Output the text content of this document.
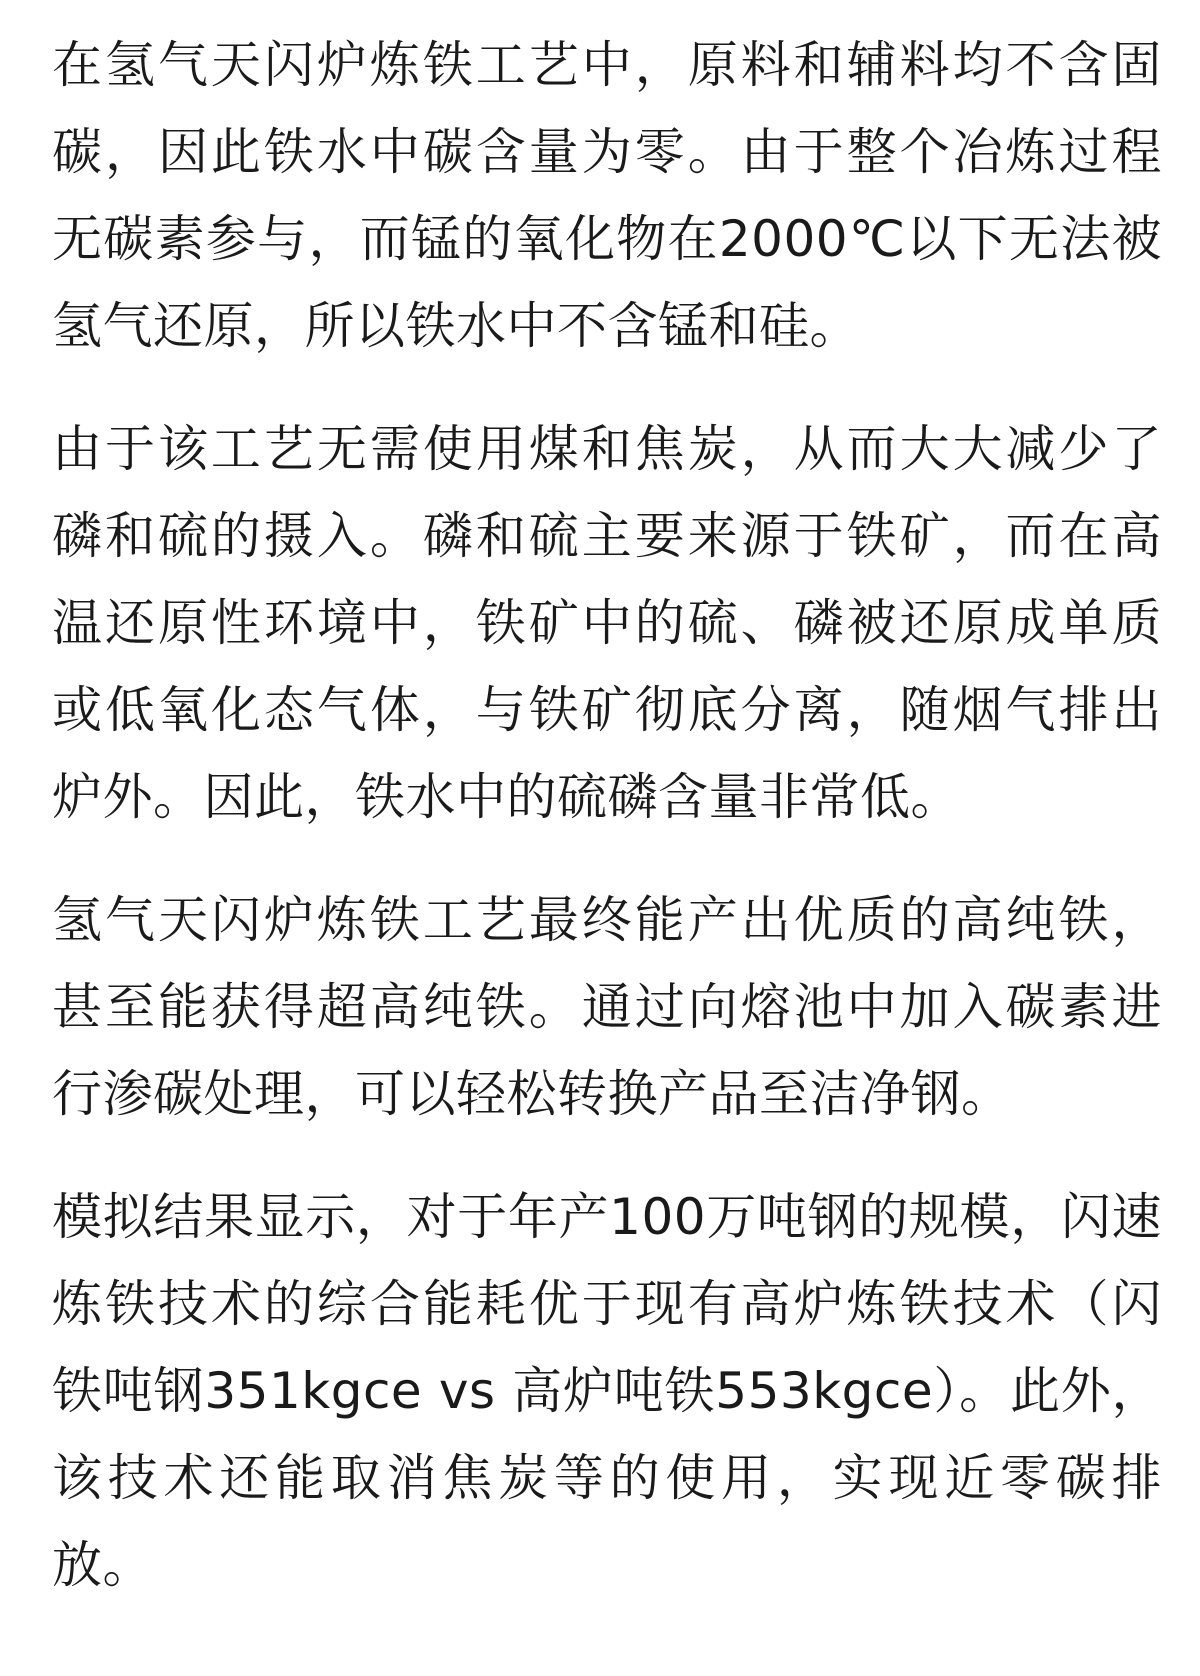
在氢气天闪炉炼铁工艺中，原料和辅料均不含固碳，因此铁水中碳含量为零。由于整个冶炼过程无碳素参与，而锰的氧化物在2000℃以下无法被氢气还原，所以铁水中不含锰和硅。

由于该工艺无需使用煤和焦炭，从而大大减少了磷和硫的摄入。磷和硫主要来源于铁矿，而在高温还原性环境中，铁矿中的硫、磷被还原成单质或低氧化态气体，与铁矿彻底分离，随烟气排出炉外。因此，铁水中的硫磷含量非常低。

氢气天闪炉炼铁工艺最终能产出优质的高纯铁，甚至能获得超高纯铁。通过向熔池中加入碳素进行渗碳处理，可以轻松转换产品至洁净钢。

模拟结果显示，对于年产100万吨钢的规模，闪速炼铁技术的综合能耗优于现有高炉炼铁技术（闪铁吨钢351kgce vs 高炉吨铁553kgce）。此外，该技术还能取消焦炭等的使用，实现近零碳排放。
